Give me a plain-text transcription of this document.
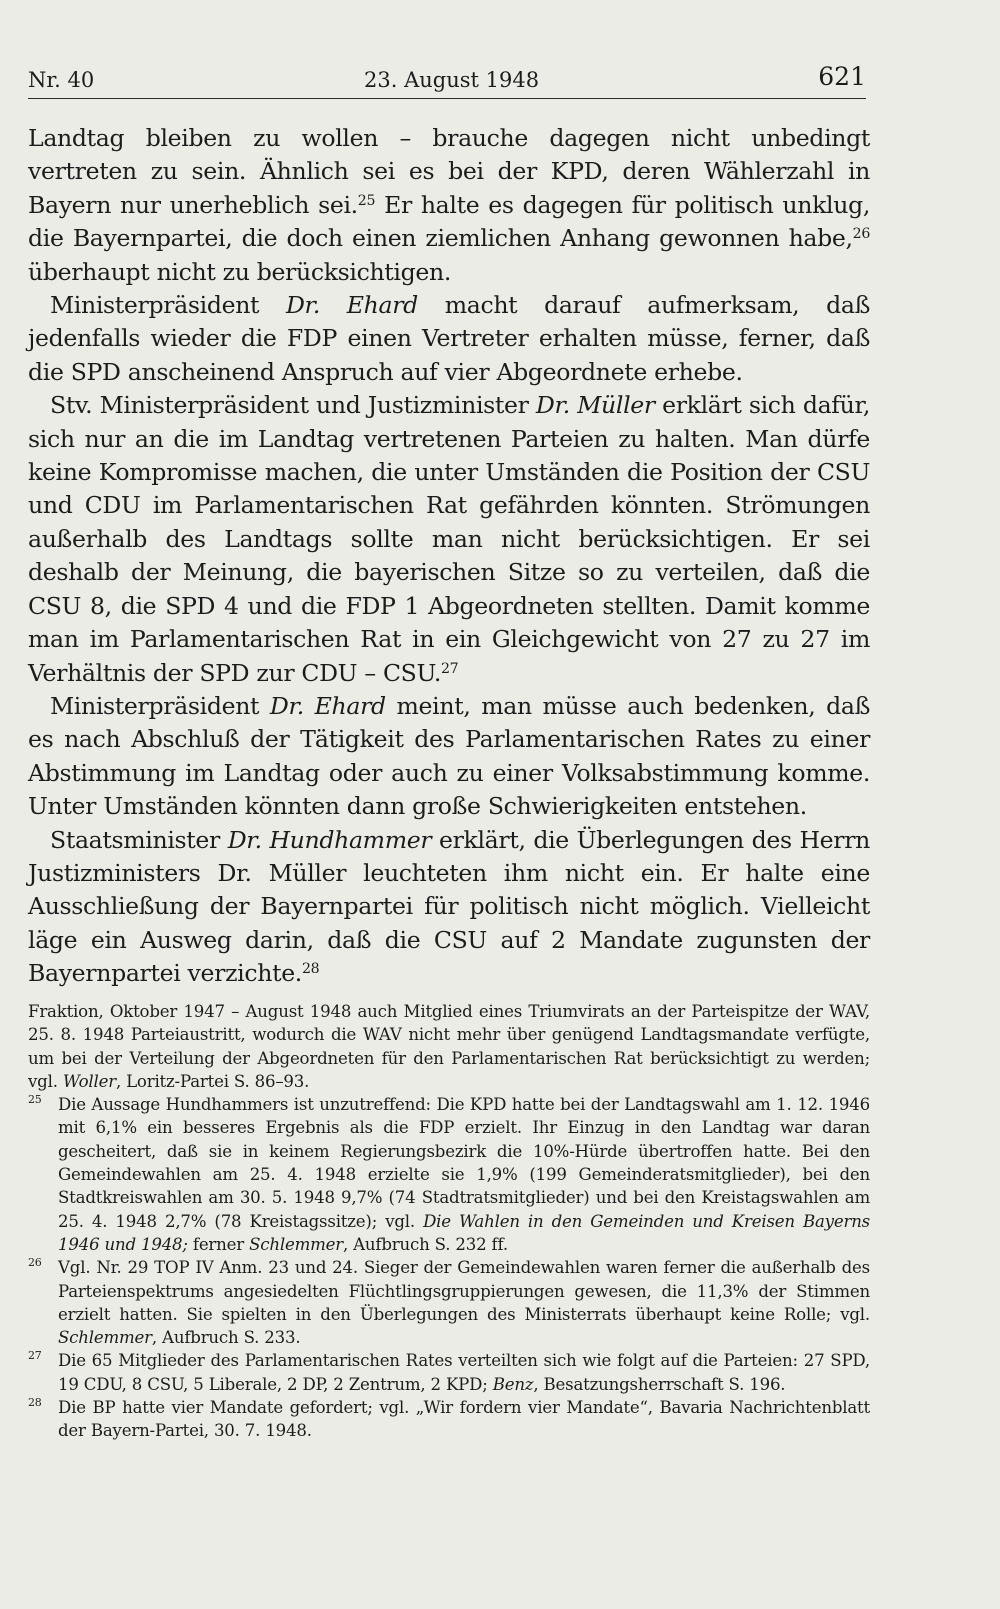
Nr. 40	23. August 1948	621

Landtag bleiben zu wollen – brauche dagegen nicht unbedingt vertreten zu sein. Ähnlich sei es bei der KPD, deren Wählerzahl in Bayern nur unerheblich sei.$^{25}$ Er halte es dagegen für politisch unklug, die Bayernpartei, die doch einen ziemlichen Anhang gewonnen habe,$^{26}$ überhaupt nicht zu berücksichtigen.

Ministerpräsident Dr. Ehard macht darauf aufmerksam, daß jedenfalls wieder die FDP einen Vertreter erhalten müsse, ferner, daß die SPD anscheinend Anspruch auf vier Abgeordnete erhebe.

Stv. Ministerpräsident und Justizminister Dr. Müller erklärt sich dafür, sich nur an die im Landtag vertretenen Parteien zu halten. Man dürfe keine Kompromisse machen, die unter Umständen die Position der CSU und CDU im Parlamentarischen Rat gefährden könnten. Strömungen außerhalb des Landtags sollte man nicht berücksichtigen. Er sei deshalb der Meinung, die bayerischen Sitze so zu verteilen, daß die CSU 8, die SPD 4 und die FDP 1 Abgeordneten stellten. Damit komme man im Parlamentarischen Rat in ein Gleichgewicht von 27 zu 27 im Verhältnis der SPD zur CDU – CSU.$^{27}$

Ministerpräsident Dr. Ehard meint, man müsse auch bedenken, daß es nach Abschluß der Tätigkeit des Parlamentarischen Rates zu einer Abstimmung im Landtag oder auch zu einer Volksabstimmung komme. Unter Umständen könnten dann große Schwierigkeiten entstehen.

Staatsminister Dr. Hundhammer erklärt, die Überlegungen des Herrn Justizministers Dr. Müller leuchteten ihm nicht ein. Er halte eine Ausschließung der Bayernpartei für politisch nicht möglich. Vielleicht läge ein Ausweg darin, daß die CSU auf 2 Mandate zugunsten der Bayernpartei verzichte.$^{28}$

Fraktion, Oktober 1947 – August 1948 auch Mitglied eines Triumvirats an der Parteispitze der WAV, 25. 8. 1948 Parteiaustritt, wodurch die WAV nicht mehr über genügend Landtagsmandate verfügte, um bei der Verteilung der Abgeordneten für den Parlamentarischen Rat berücksichtigt zu werden; vgl. Woller, Loritz-Partei S. 86–93.

25 Die Aussage Hundhammers ist unzutreffend: Die KPD hatte bei der Landtagswahl am 1. 12. 1946 mit 6,1% ein besseres Ergebnis als die FDP erzielt. Ihr Einzug in den Landtag war daran gescheitert, daß sie in keinem Regierungsbezirk die 10%-Hürde übertroffen hatte. Bei den Gemeindewahlen am 25. 4. 1948 erzielte sie 1,9% (199 Gemeinderatsmitglieder), bei den Stadtkreiswahlen am 30. 5. 1948 9,7% (74 Stadtratsmitglieder) und bei den Kreistagswahlen am 25. 4. 1948 2,7% (78 Kreistagssitze); vgl. Die Wahlen in den Gemeinden und Kreisen Bayerns 1946 und 1948; ferner Schlemmer, Aufbruch S. 232 ff.
26 Vgl. Nr. 29 TOP IV Anm. 23 und 24. Sieger der Gemeindewahlen waren ferner die außerhalb des Parteienspektrums angesiedelten Flüchtlingsgruppierungen gewesen, die 11,3% der Stimmen erzielt hatten. Sie spielten in den Überlegungen des Ministerrats überhaupt keine Rolle; vgl. Schlemmer, Aufbruch S. 233.
27 Die 65 Mitglieder des Parlamentarischen Rates verteilten sich wie folgt auf die Parteien: 27 SPD, 19 CDU, 8 CSU, 5 Liberale, 2 DP, 2 Zentrum, 2 KPD; Benz, Besatzungsherrschaft S. 196.
28 Die BP hatte vier Mandate gefordert; vgl. „Wir fordern vier Mandate“, Bavaria Nachrichtenblatt der Bayern-Partei, 30. 7. 1948.
